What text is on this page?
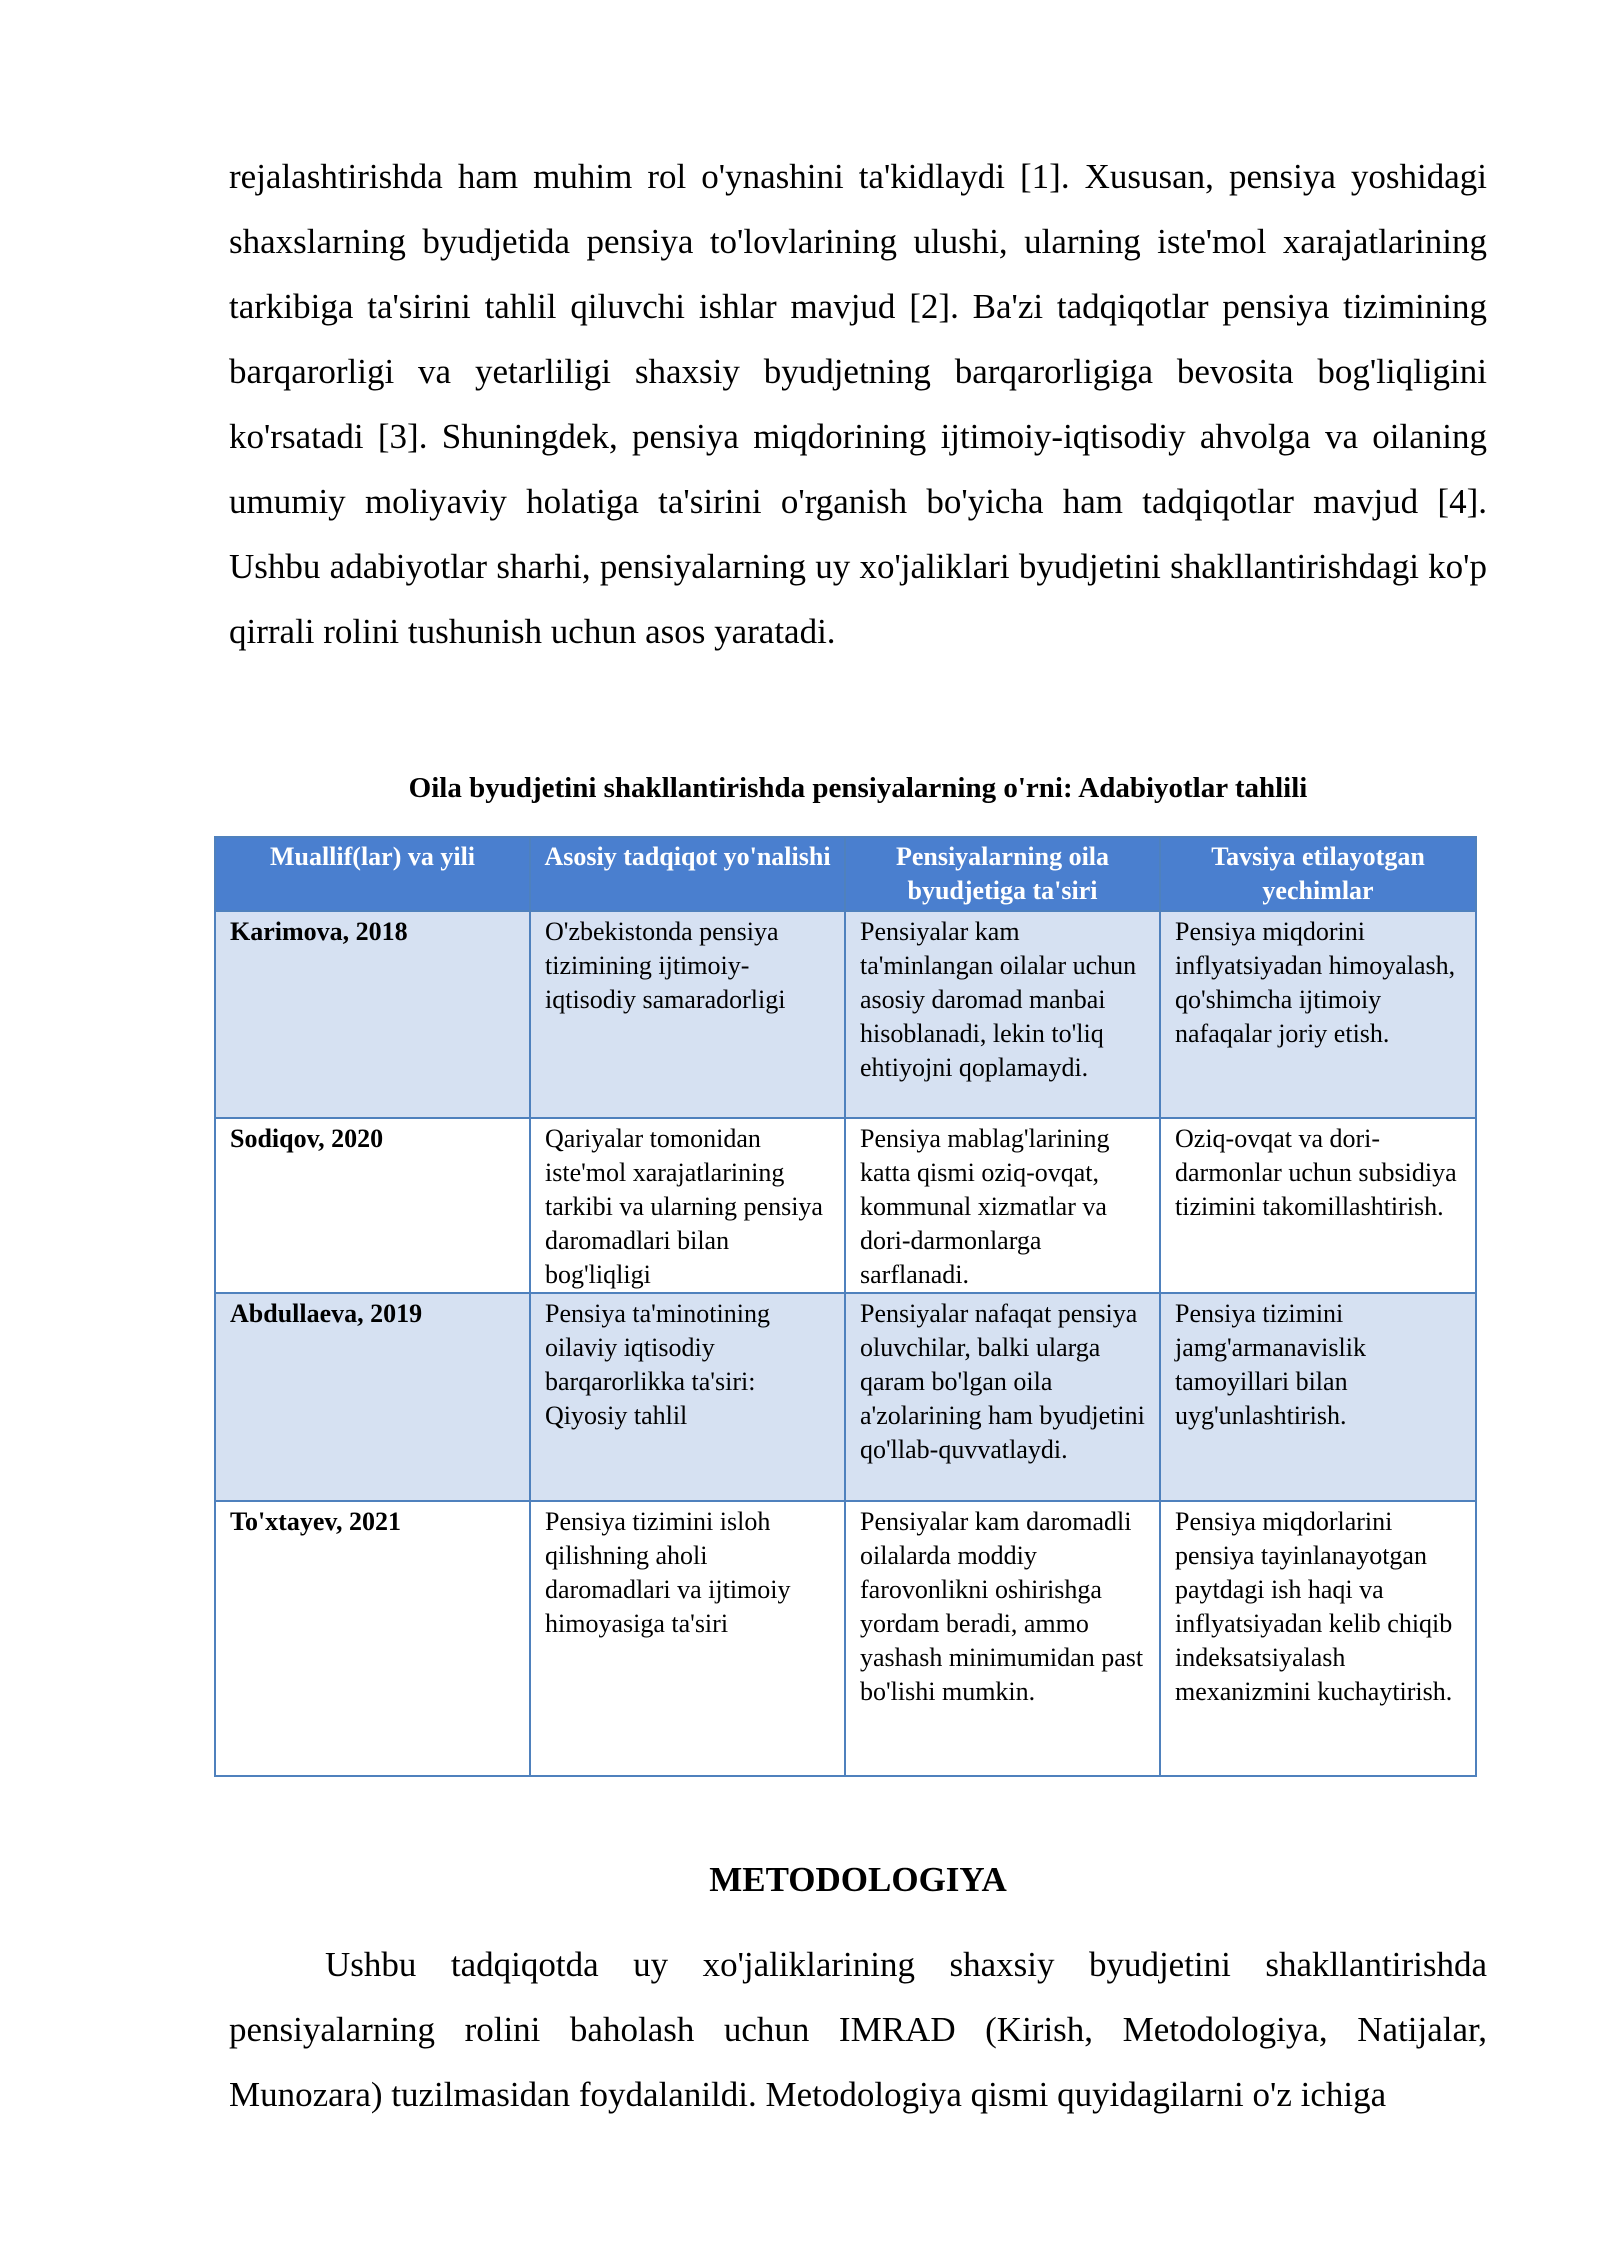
rejalashtirishda ham muhim rol o'ynashini ta'kidlaydi [1]. Xususan, pensiya yoshidagi shaxslarning byudjetida pensiya to'lovlarining ulushi, ularning iste'mol xarajatlarining tarkibiga ta'sirini tahlil qiluvchi ishlar mavjud [2]. Ba'zi tadqiqotlar pensiya tizimining barqarorligi va yetarliligi shaxsiy byudjetning barqarorligiga bevosita bog'liqligini ko'rsatadi [3]. Shuningdek, pensiya miqdorining ijtimoiy-iqtisodiy ahvolga va oilaning umumiy moliyaviy holatiga ta'sirini o'rganish bo'yicha ham tadqiqotlar mavjud [4]. Ushbu adabiyotlar sharhi, pensiyalarning uy xo'jaliklari byudjetini shakllantirishdagi ko'p qirrali rolini tushunish uchun asos yaratadi.

Oila byudjetini shakllantirishda pensiyalarning o'rni: Adabiyotlar tahlili

Muallif(lar) va yili	Asosiy tadqiqot yo'nalishi	Pensiyalarning oila byudjetiga ta'siri	Tavsiya etilayotgan yechimlar
Karimova, 2018	O'zbekistonda pensiya tizimining ijtimoiy-iqtisodiy samaradorligi	Pensiyalar kam ta'minlangan oilalar uchun asosiy daromad manbai hisoblanadi, lekin to'liq ehtiyojni qoplamaydi.	Pensiya miqdorini inflyatsiyadan himoyalash, qo'shimcha ijtimoiy nafaqalar joriy etish.
Sodiqov, 2020	Qariyalar tomonidan iste'mol xarajatlarining tarkibi va ularning pensiya daromadlari bilan bog'liqligi	Pensiya mablag'larining katta qismi oziq-ovqat, kommunal xizmatlar va dori-darmonlarga sarflanadi.	Oziq-ovqat va dori-darmonlar uchun subsidiya tizimini takomillashtirish.
Abdullaeva, 2019	Pensiya ta'minotining oilaviy iqtisodiy barqarorlikka ta'siri: Qiyosiy tahlil	Pensiyalar nafaqat pensiya oluvchilar, balki ularga qaram bo'lgan oila a'zolarining ham byudjetini qo'llab-quvvatlaydi.	Pensiya tizimini jamg'armanavislik tamoyillari bilan uyg'unlashtirish.
To'xtayev, 2021	Pensiya tizimini isloh qilishning aholi daromadlari va ijtimoiy himoyasiga ta'siri	Pensiyalar kam daromadli oilalarda moddiy farovonlikni oshirishga yordam beradi, ammo yashash minimumidan past bo'lishi mumkin.	Pensiya miqdorlarini pensiya tayinlanayotgan paytdagi ish haqi va inflyatsiyadan kelib chiqib indeksatsiyalash mexanizmini kuchaytirish.
METODOLOGIYA

Ushbu tadqiqotda uy xo'jaliklarining shaxsiy byudjetini shakllantirishda pensiyalarning rolini baholash uchun IMRAD (Kirish, Metodologiya, Natijalar, Munozara) tuzilmasidan foydalanildi. Metodologiya qismi quyidagilarni o'z ichiga
